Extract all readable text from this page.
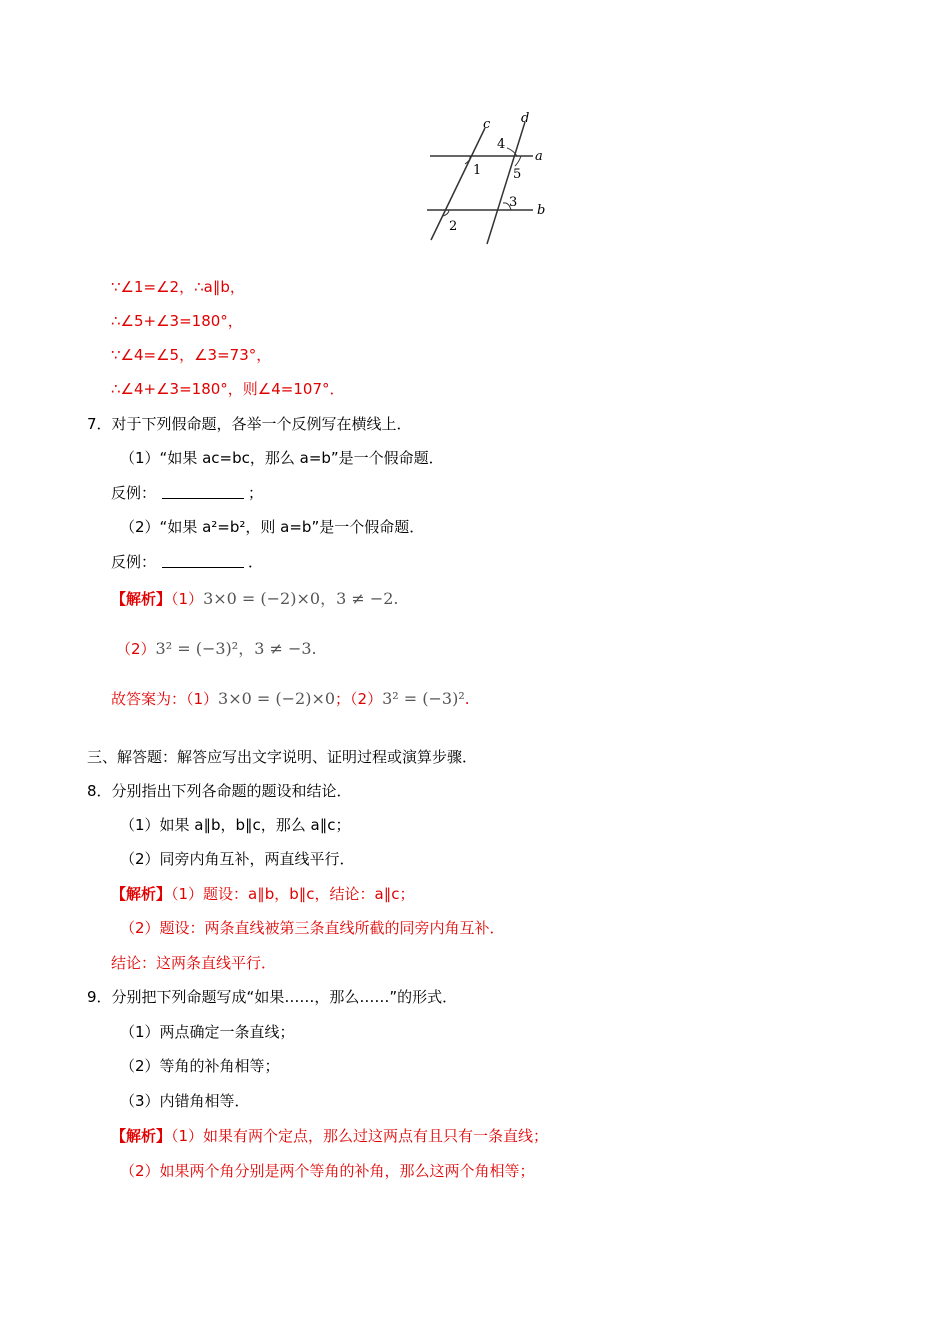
c d
a
b
1
2
3
4
5
∵∠1=∠2，∴a∥b，
∴∠5+∠3=180°，
∵∠4=∠5，∠3=73°，
∴∠4+∠3=180°，则∠4=107°．
7．对于下列假命题，各举一个反例写在横线上．
（1）“如果 ac=bc，那么 a=b”是一个假命题．
反例：	；
（2）“如果 a²=b²，则 a=b”是一个假命题．
反例：	．
【解析】（1）3×0 = (−2)×0，3 ≠ −2.
（2）3² = (−3)²，3 ≠ −3.
故答案为：（1）3×0 = (−2)×0；（2）3² = (−3)².
三、解答题：解答应写出文字说明、证明过程或演算步骤．
8．分别指出下列各命题的题设和结论．
（1）如果 a∥b，b∥c，那么 a∥c；
（2）同旁内角互补，两直线平行．
【解析】（1）题设：a∥b，b∥c，结论：a∥c；
（2）题设：两条直线被第三条直线所截的同旁内角互补．
结论：这两条直线平行．
9．分别把下列命题写成“如果……，那么……”的形式．
（1）两点确定一条直线；
（2）等角的补角相等；
（3）内错角相等．
【解析】（1）如果有两个定点，那么过这两点有且只有一条直线；
（2）如果两个角分别是两个等角的补角，那么这两个角相等；
